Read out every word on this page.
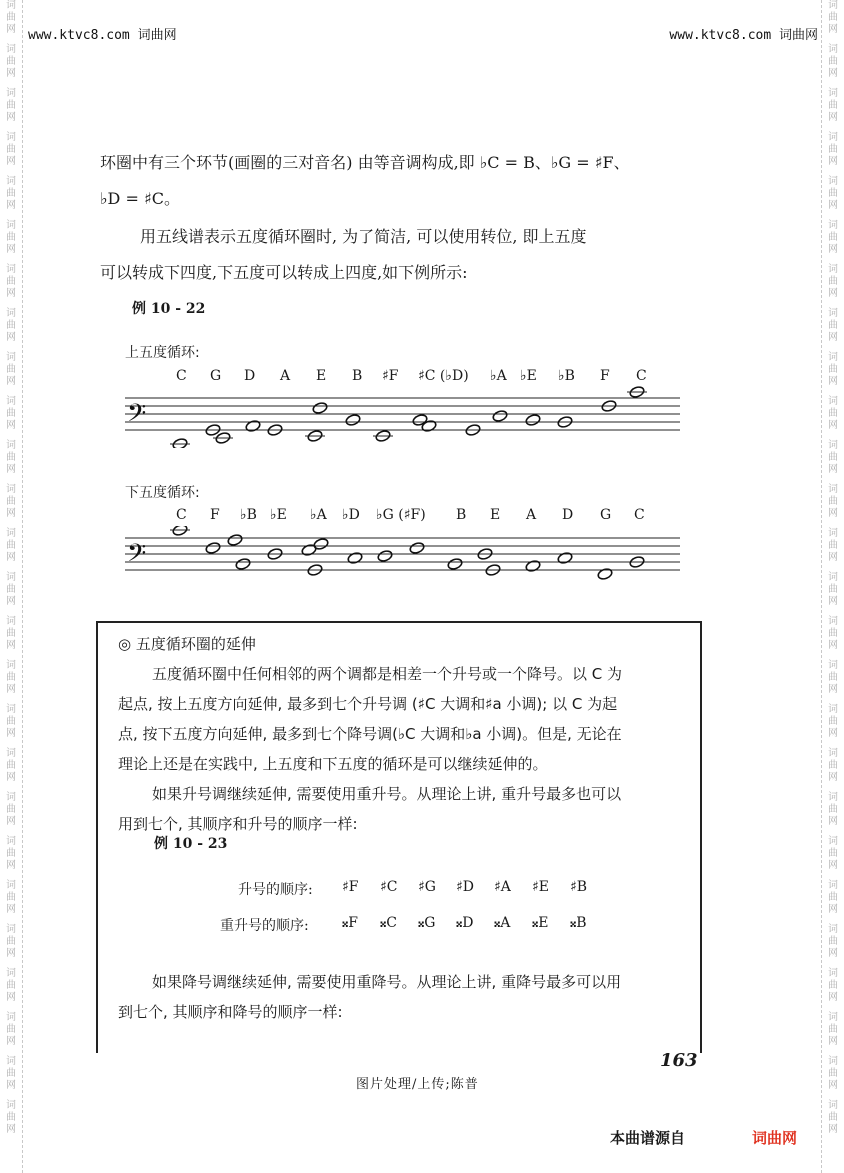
词
曲
网
词
曲
网
词
曲
网
词
曲
网
词
曲
网
词
曲
网
词
曲
网
词
曲
网
词
曲
网
词
曲
网
词
曲
网
词
曲
网
词
曲
网
词
曲
网
词
曲
网
词
曲
网
词
曲
网
词
曲
网
词
曲
网
词
曲
网
词
曲
网
词
曲
网
词
曲
网
词
曲
网
词
曲
网
词
曲
网
词
曲
网
词
曲
网
词
曲
网
词
曲
网
词
曲
网
词
曲
网
词
曲
网
词
曲
网
词
曲
网
词
曲
网
词
曲
网
词
曲
网
词
曲
网
词
曲
网
词
曲
网
词
曲
网
词
曲
网
词
曲
网
词
曲
网
词
曲
网
词
曲
网
词
曲
网
词
曲
网
词
曲
网
词
曲
网
词
曲
网
www.ktvc8.com 词曲网	www.ktvc8.com 词曲网
环圈中有三个环节(画圈的三对音名) 由等音调构成,即 ♭C = B、♭G = ♯F、
♭D = ♯C。
用五线谱表示五度循环圈时, 为了简洁, 可以使用转位, 即上五度
可以转成下四度,下五度可以转成上四度,如下例所示:
例 10 - 22
上五度循环:
C G D A E B ♯F ♯C (♭D) ♭A ♭E ♭B F C
𝄢
下五度循环:
C F ♭B ♭E ♭A ♭D ♭G (♯F) B E A D G C
𝄢
◎ 五度循环圈的延伸
五度循环圈中任何相邻的两个调都是相差一个升号或一个降号。以 C 为
起点, 按上五度方向延伸, 最多到七个升号调 (♯C 大调和♯a 小调); 以 C 为起
点, 按下五度方向延伸, 最多到七个降号调(♭C 大调和♭a 小调)。但是, 无论在
理论上还是在实践中, 上五度和下五度的循环是可以继续延伸的。
如果升号调继续延伸, 需要使用重升号。从理论上讲, 重升号最多也可以
用到七个, 其顺序和升号的顺序一样:
例 10 - 23
升号的顺序: ♯F ♯C ♯G ♯D ♯A ♯E ♯B
重升号的顺序: 𝄪F 𝄪C 𝄪G 𝄪D 𝄪A 𝄪E 𝄪B
如果降号调继续延伸, 需要使用重降号。从理论上讲, 重降号最多可以用
到七个, 其顺序和降号的顺序一样:
163
图片处理/上传;陈普
本曲谱源自	词曲网
